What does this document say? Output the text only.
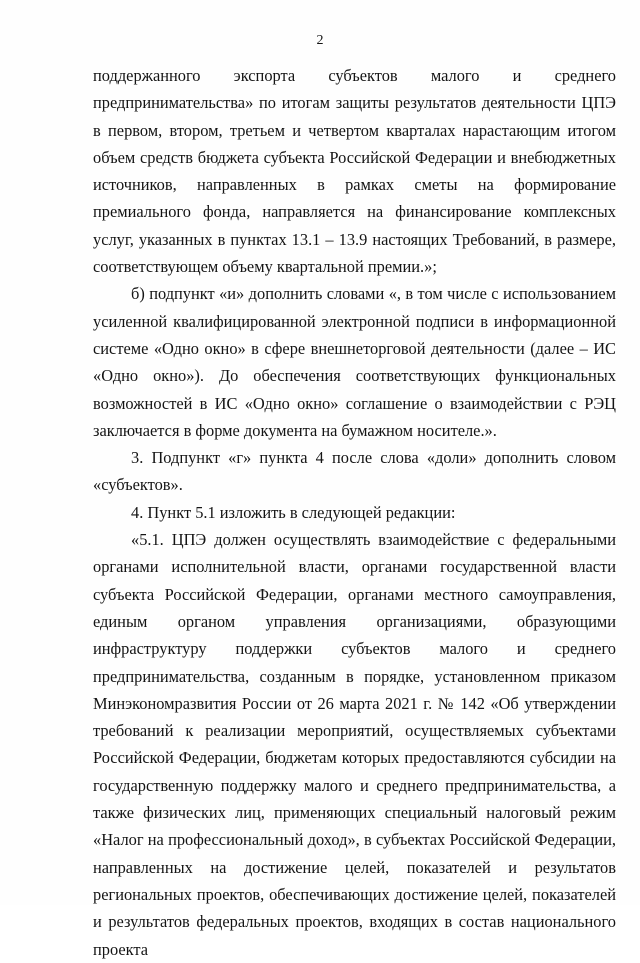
2

поддержанного экспорта субъектов малого и среднего предпринимательства» по итогам защиты результатов деятельности ЦПЭ в первом, втором, третьем и четвертом кварталах нарастающим итогом объем средств бюджета субъекта Российской Федерации и внебюджетных источников, направленных в рамках сметы на формирование премиального фонда, направляется на финансирование комплексных услуг, указанных в пунктах 13.1 – 13.9 настоящих Требований, в размере, соответствующем объему квартальной премии.»;

б) подпункт «и» дополнить словами «, в том числе с использованием усиленной квалифицированной электронной подписи в информационной системе «Одно окно» в сфере внешнеторговой деятельности (далее – ИС «Одно окно»). До обеспечения соответствующих функциональных возможностей в ИС «Одно окно» соглашение о взаимодействии с РЭЦ заключается в форме документа на бумажном носителе.».

3. Подпункт «г» пункта 4 после слова «доли» дополнить словом «субъектов».

4. Пункт 5.1 изложить в следующей редакции:

«5.1. ЦПЭ должен осуществлять взаимодействие с федеральными органами исполнительной власти, органами государственной власти субъекта Российской Федерации, органами местного самоуправления, единым органом управления организациями, образующими инфраструктуру поддержки субъектов малого и среднего предпринимательства, созданным в порядке, установленном приказом Минэкономразвития России от 26 марта 2021 г. № 142 «Об утверждении требований к реализации мероприятий, осуществляемых субъектами Российской Федерации, бюджетам которых предоставляются субсидии на государственную поддержку малого и среднего предпринимательства, а также физических лиц, применяющих специальный налоговый режим «Налог на профессиональный доход», в субъектах Российской Федерации, направленных на достижение целей, показателей и результатов региональных проектов, обеспечивающих достижение целей, показателей и результатов федеральных проектов, входящих в состав национального проекта
